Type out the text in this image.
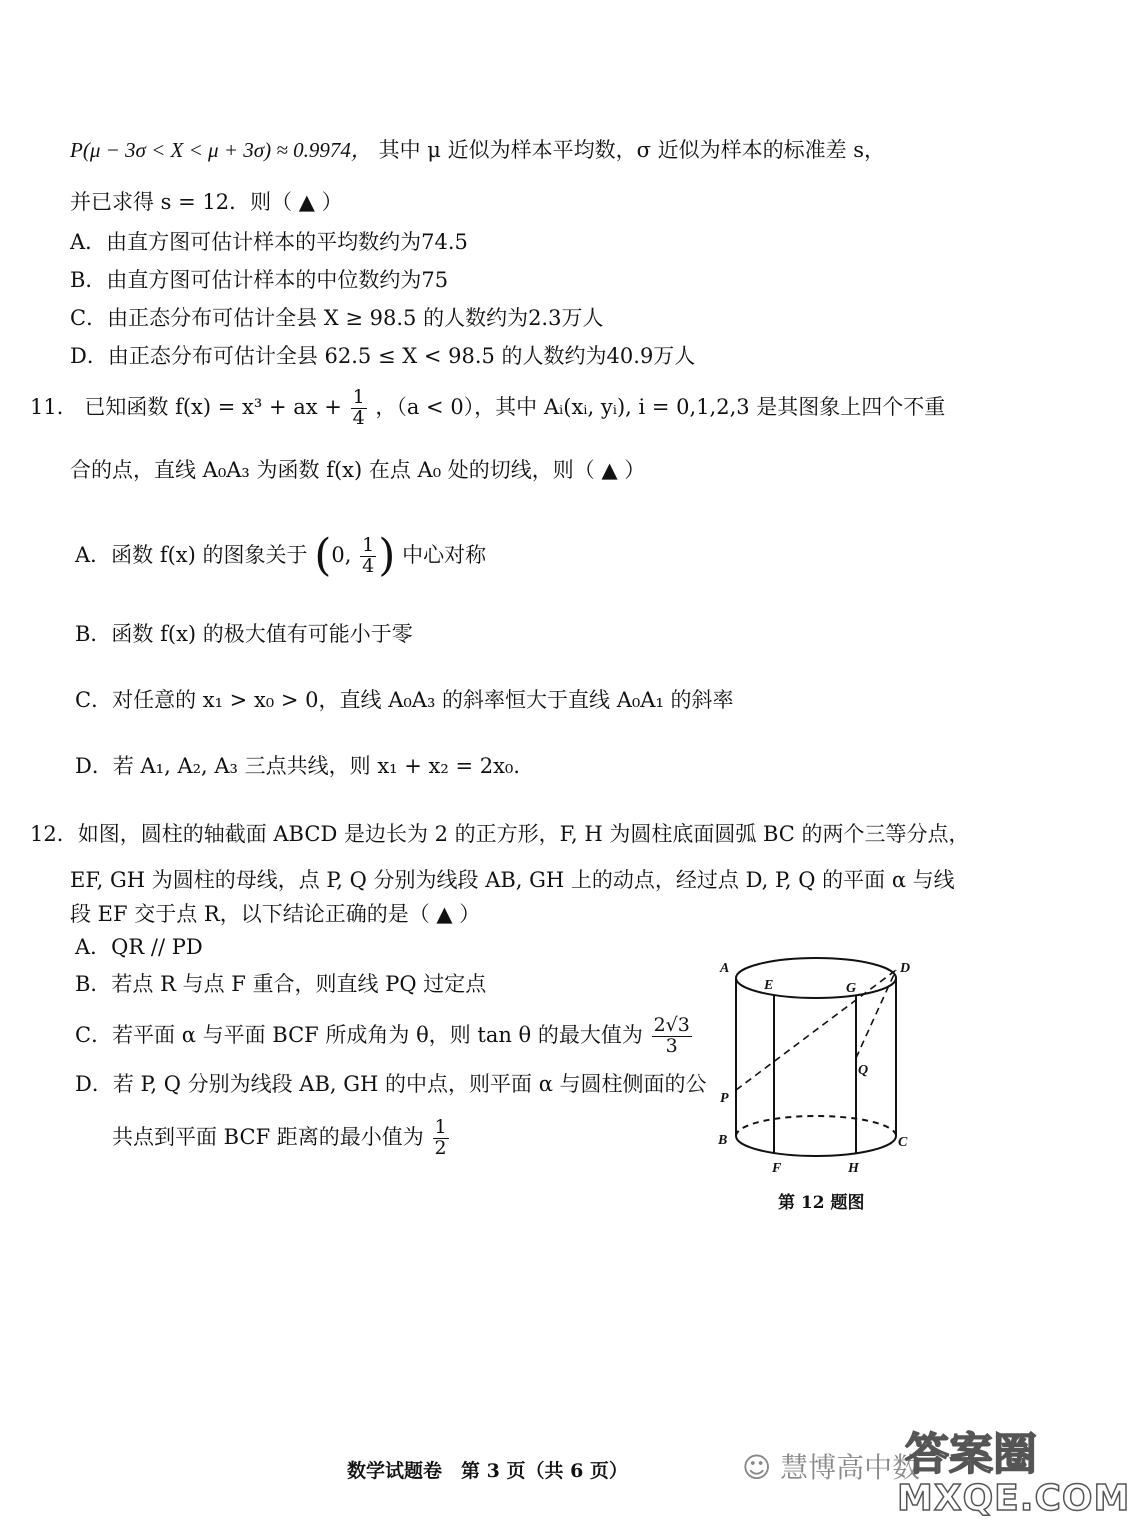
P(μ − 3σ < X < μ + 3σ) ≈ 0.9974， 其中 μ 近似为样本平均数，σ 近似为样本的标准差 s，
并已求得 s = 12．则（ ▲ ）
A．由直方图可估计样本的平均数约为74.5
B．由直方图可估计样本的中位数约为75
C．由正态分布可估计全县 X ≥ 98.5 的人数约为2.3万人
D．由正态分布可估计全县 62.5 ≤ X < 98.5 的人数约为40.9万人
11． 已知函数 f(x) = x³ + ax + $\frac{1}{4}$ ，（a < 0），其中 Aᵢ(xᵢ, yᵢ), i = 0,1,2,3 是其图象上四个不重
合的点，直线 A₀A₃ 为函数 f(x) 在点 A₀ 处的切线，则（ ▲ ）
A．函数 f(x) 的图象关于 (0, $\frac{1}{4}$ ) 中心对称
B．函数 f(x) 的极大值有可能小于零
C．对任意的 x₁ > x₀ > 0，直线 A₀A₃ 的斜率恒大于直线 A₀A₁ 的斜率
D．若 A₁, A₂, A₃ 三点共线，则 x₁ + x₂ = 2x₀．
12．如图，圆柱的轴截面 ABCD 是边长为 2 的正方形，F, H 为圆柱底面圆弧 BC 的两个三等分点，
EF, GH 为圆柱的母线，点 P, Q 分别为线段 AB, GH 上的动点，经过点 D, P, Q 的平面 α 与线
段 EF 交于点 R，以下结论正确的是（ ▲ ）
A．QR // PD
B．若点 R 与点 F 重合，则直线 PQ 过定点
C．若平面 α 与平面 BCF 所成角为 θ，则 tan θ 的最大值为 $\frac{2√3}{3}$
D．若 P, Q 分别为线段 AB, GH 的中点，则平面 α 与圆柱侧面的公
共点到平面 BCF 距离的最小值为 $\frac{1}{2}$
A
B	C
D
E
F
G
H
P
Q
第 12 题图
数学试题卷　第 3 页（共 6 页）	☺ 慧博高中数
答案圈
MXQE.COM
